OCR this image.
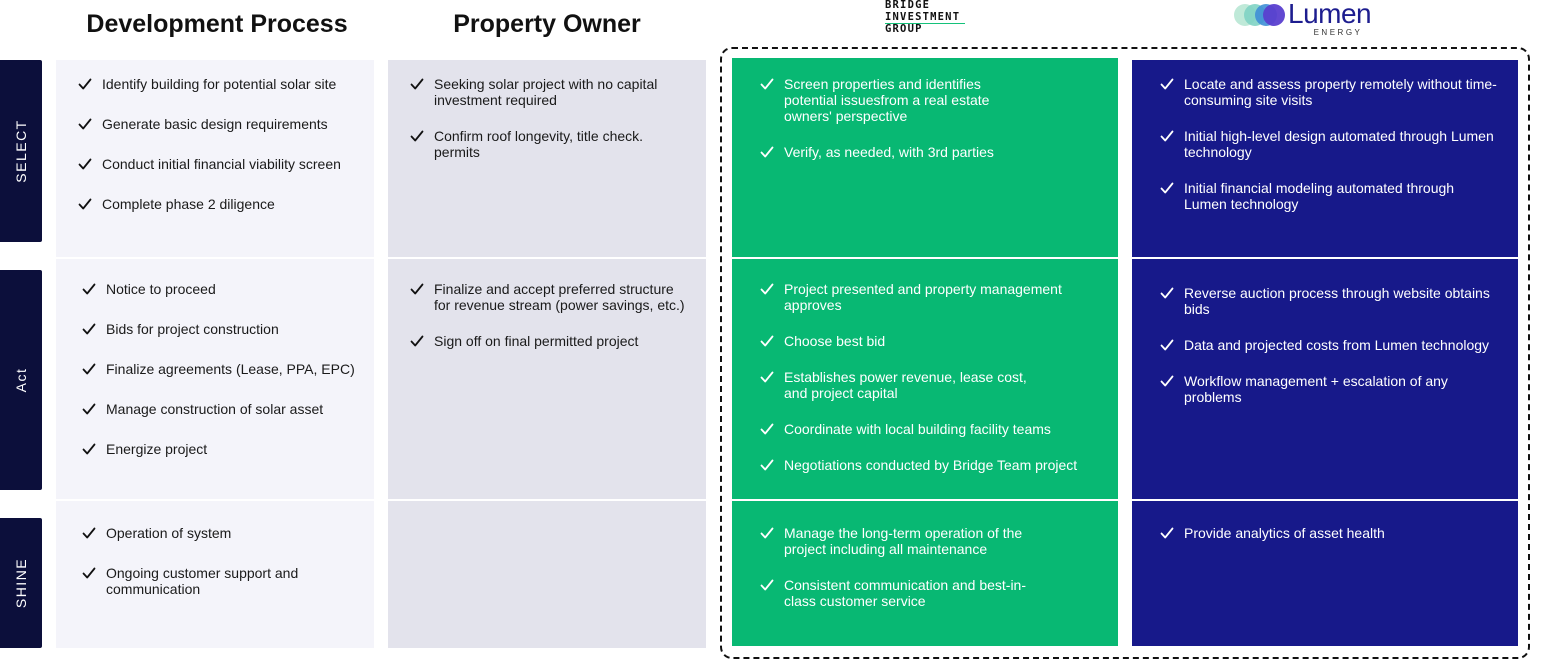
Development Process	Property Owner
BRIDGE
INVESTMENT
GROUP	Lumen
ENERGY
SELECT
Act
SHINE
Identify building for potential solar site
Generate basic design requirements
Conduct initial financial viability screen
Complete phase 2 diligence
Seeking solar project with no capital
investment required
Confirm roof longevity, title check.
permits
Screen properties and identifies
potential issuesfrom a real estate
owners' perspective
Verify, as needed, with 3rd parties
Locate and assess property remotely without time-
consuming site visits
Initial high-level design automated through Lumen
technology
Initial financial modeling automated through
Lumen technology
Notice to proceed
Bids for project construction
Finalize agreements (Lease, PPA, EPC)
Manage construction of solar asset
Energize project
Finalize and accept preferred structure
for revenue stream (power savings, etc.)
Sign off on final permitted project
Project presented and property management
approves
Choose best bid
Establishes power revenue, lease cost,
and project capital
Coordinate with local building facility teams
Negotiations conducted by Bridge Team project
Reverse auction process through website obtains
bids
Data and projected costs from Lumen technology
Workflow management + escalation of any
problems
Operation of system
Ongoing customer support and
communication
Manage the long-term operation of the
project including all maintenance
Consistent communication and best-in-
class customer service
Provide analytics of asset health
